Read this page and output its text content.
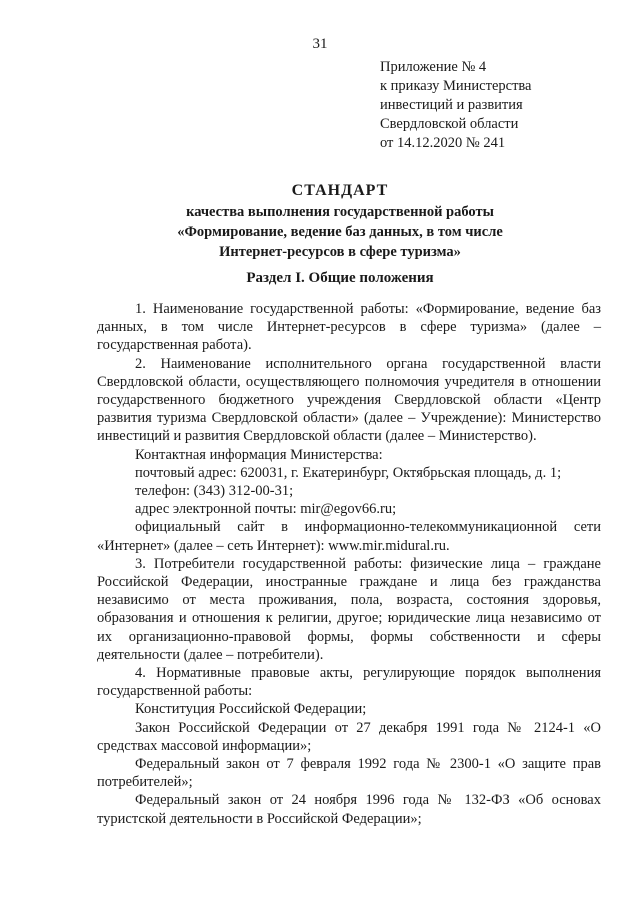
31
Приложение № 4
к приказу Министерства
инвестиций и развития
Свердловской области
от 14.12.2020 № 241
СТАНДАРТ
качества выполнения государственной работы
«Формирование, ведение баз данных, в том числе
Интернет-ресурсов в сфере туризма»
Раздел I. Общие положения

1. Наименование государственной работы: «Формирование, ведение баз данных, в том числе Интернет-ресурсов в сфере туризма» (далее – государственная работа).

2. Наименование исполнительного органа государственной власти Свердловской области, осуществляющего полномочия учредителя в отношении государственного бюджетного учреждения Свердловской области «Центр развития туризма Свердловской области» (далее – Учреждение): Министерство инвестиций и развития Свердловской области (далее – Министерство).

Контактная информация Министерства:

почтовый адрес: 620031, г. Екатеринбург, Октябрьская площадь, д. 1;

телефон: (343) 312-00-31;

адрес электронной почты: mir@egov66.ru;

официальный сайт в информационно-телекоммуникационной сети «Интернет» (далее – сеть Интернет): www.mir.midural.ru.

3. Потребители государственной работы: физические лица – граждане Российской Федерации, иностранные граждане и лица без гражданства независимо от места проживания, пола, возраста, состояния здоровья, образования и отношения к религии, другое; юридические лица независимо от их организационно-правовой формы, формы собственности и сферы деятельности (далее – потребители).

4. Нормативные правовые акты, регулирующие порядок выполнения государственной работы:

Конституция Российской Федерации;

Закон Российской Федерации от 27 декабря 1991 года № 2124-1 «О средствах массовой информации»;

Федеральный закон от 7 февраля 1992 года № 2300-1 «О защите прав потребителей»;

Федеральный закон от 24 ноября 1996 года № 132-ФЗ «Об основах туристской деятельности в Российской Федерации»;
